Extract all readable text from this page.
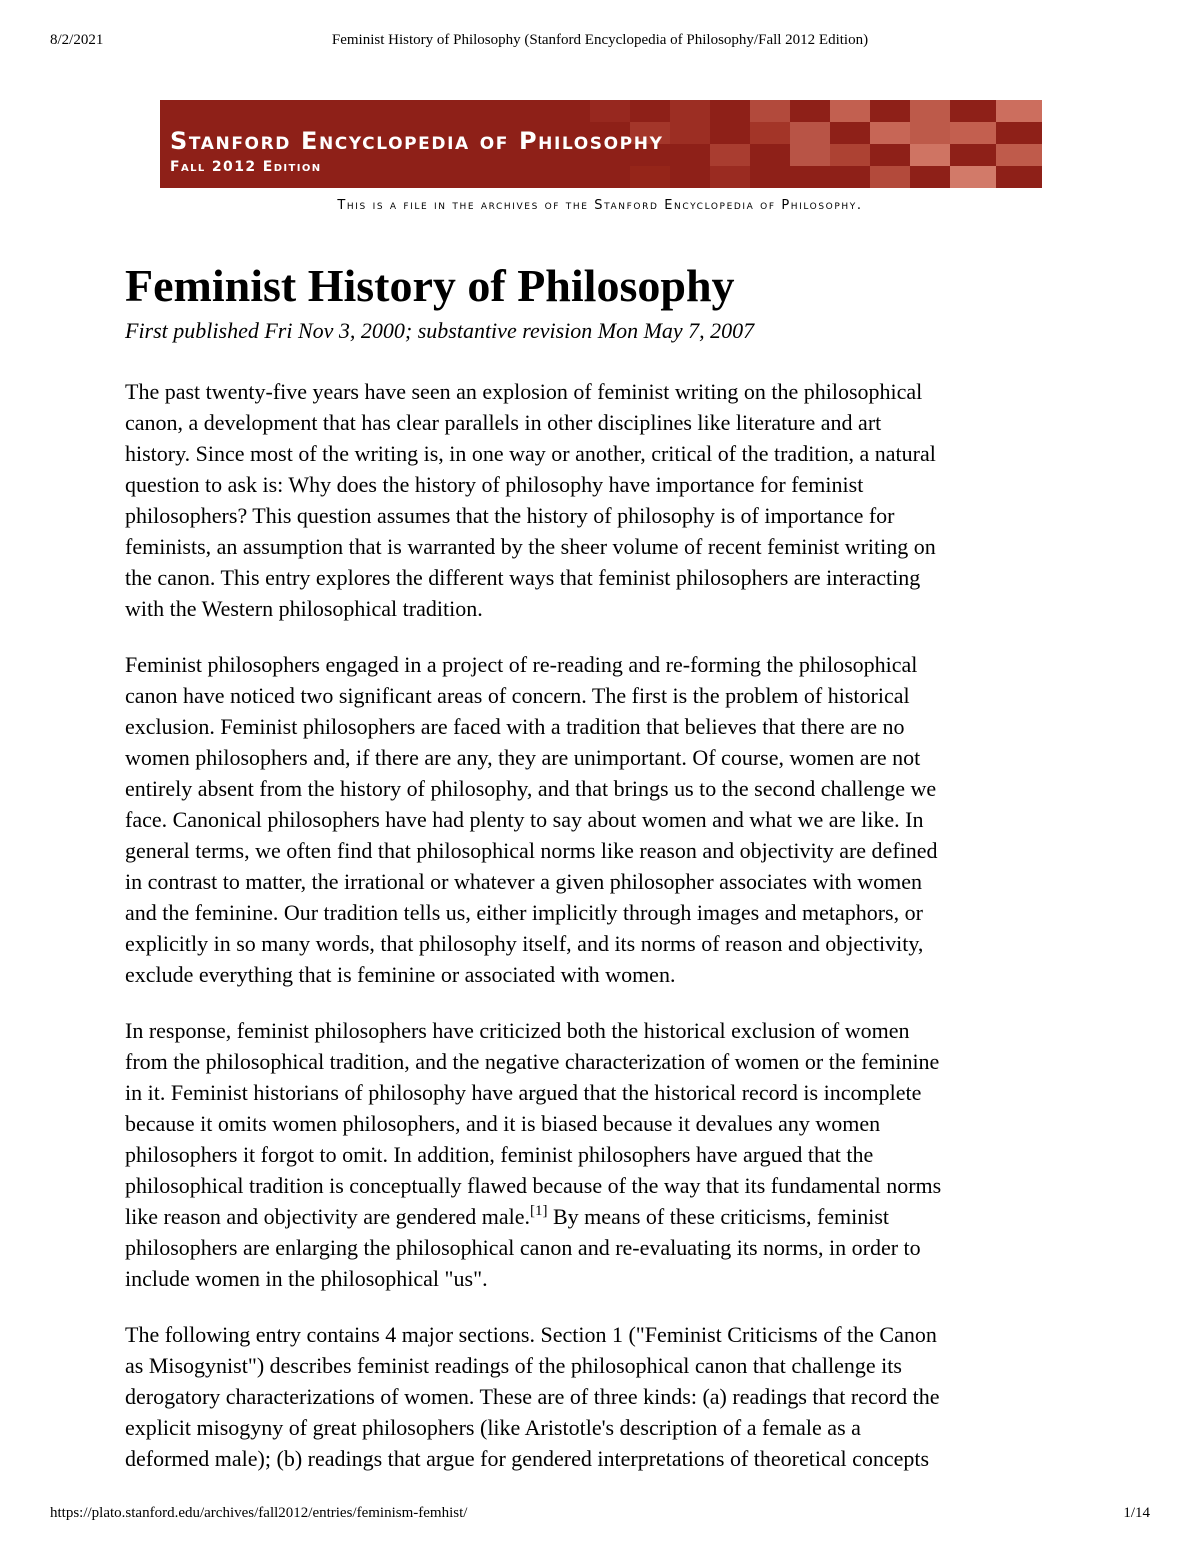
8/2/2021	Feminist History of Philosophy (Stanford Encyclopedia of Philosophy/Fall 2012 Edition)
Stanford Encyclopedia of Philosophy
Fall 2012 Edition
This is a file in the archives of the Stanford Encyclopedia of Philosophy.
Feminist History of Philosophy
First published Fri Nov 3, 2000; substantive revision Mon May 7, 2007

The past twenty-five years have seen an explosion of feminist writing on the philosophical
canon, a development that has clear parallels in other disciplines like literature and art
history. Since most of the writing is, in one way or another, critical of the tradition, a natural
question to ask is: Why does the history of philosophy have importance for feminist
philosophers? This question assumes that the history of philosophy is of importance for
feminists, an assumption that is warranted by the sheer volume of recent feminist writing on
the canon. This entry explores the different ways that feminist philosophers are interacting
with the Western philosophical tradition.

Feminist philosophers engaged in a project of re-reading and re-forming the philosophical
canon have noticed two significant areas of concern. The first is the problem of historical
exclusion. Feminist philosophers are faced with a tradition that believes that there are no
women philosophers and, if there are any, they are unimportant. Of course, women are not
entirely absent from the history of philosophy, and that brings us to the second challenge we
face. Canonical philosophers have had plenty to say about women and what we are like. In
general terms, we often find that philosophical norms like reason and objectivity are defined
in contrast to matter, the irrational or whatever a given philosopher associates with women
and the feminine. Our tradition tells us, either implicitly through images and metaphors, or
explicitly in so many words, that philosophy itself, and its norms of reason and objectivity,
exclude everything that is feminine or associated with women.

In response, feminist philosophers have criticized both the historical exclusion of women
from the philosophical tradition, and the negative characterization of women or the feminine
in it. Feminist historians of philosophy have argued that the historical record is incomplete
because it omits women philosophers, and it is biased because it devalues any women
philosophers it forgot to omit. In addition, feminist philosophers have argued that the
philosophical tradition is conceptually flawed because of the way that its fundamental norms
like reason and objectivity are gendered male.[1] By means of these criticisms, feminist
philosophers are enlarging the philosophical canon and re-evaluating its norms, in order to
include women in the philosophical "us".

The following entry contains 4 major sections. Section 1 ("Feminist Criticisms of the Canon
as Misogynist") describes feminist readings of the philosophical canon that challenge its
derogatory characterizations of women. These are of three kinds: (a) readings that record the
explicit misogyny of great philosophers (like Aristotle's description of a female as a
deformed male); (b) readings that argue for gendered interpretations of theoretical concepts

https://plato.stanford.edu/archives/fall2012/entries/feminism-femhist/	1/14
